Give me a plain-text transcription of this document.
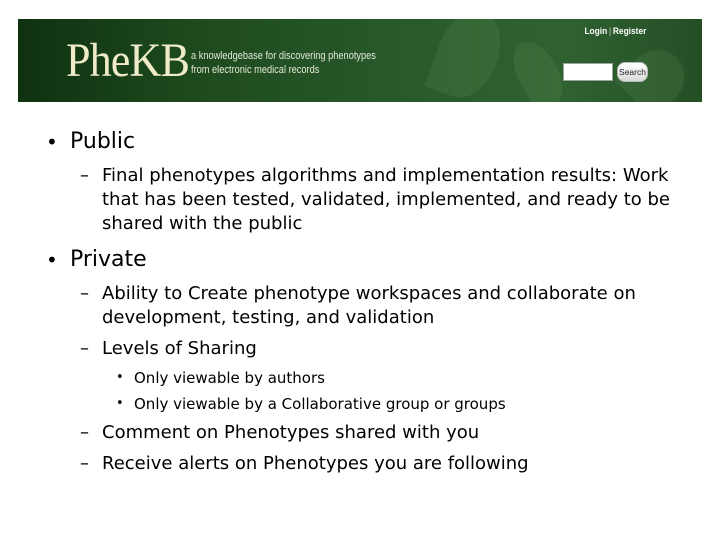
PheKB a knowledgebase for discovering phenotypes
from electronic medical records
Login | Register
Search
• Public
– Final phenotypes algorithms and implementation results: Work that has been tested, validated, implemented, and ready to be shared with the public
• Private
– Ability to Create phenotype workspaces and collaborate on development, testing, and validation
– Levels of Sharing
• Only viewable by authors
• Only viewable by a Collaborative group or groups
– Comment on Phenotypes shared with you
– Receive alerts on Phenotypes you are following
